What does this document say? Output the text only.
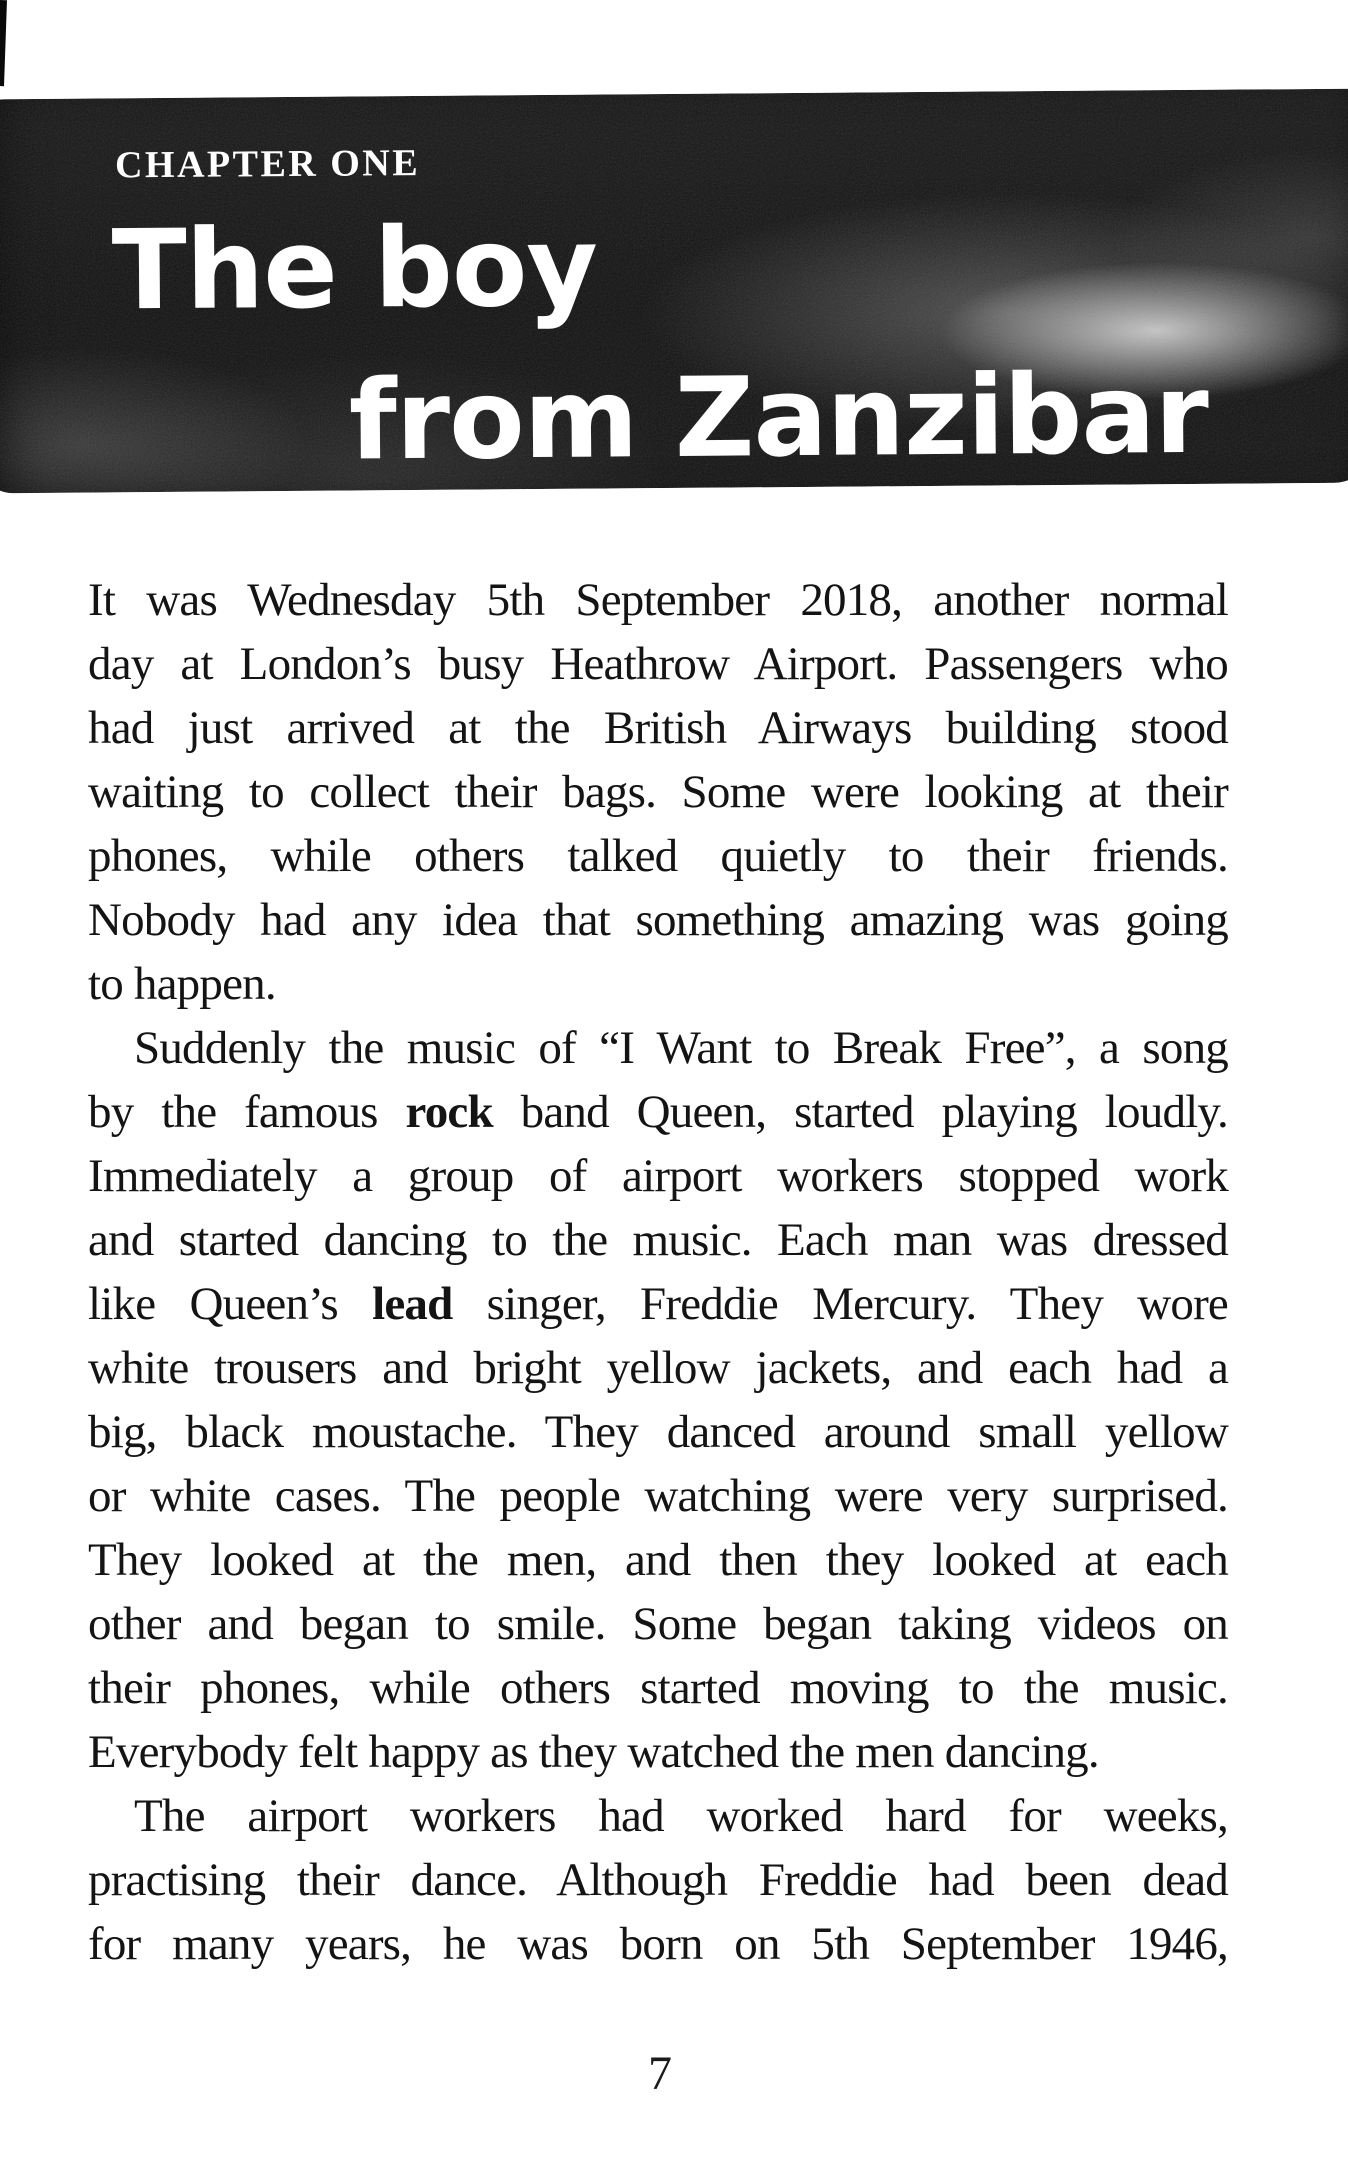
CHAPTER ONE
The boy
from Zanzibar
It was Wednesday 5th September 2018, another normal
day at London’s busy Heathrow Airport. Passengers who
had just arrived at the British Airways building stood
waiting to collect their bags. Some were looking at their
phones, while others talked quietly to their friends.
Nobody had any idea that something amazing was going
to happen.
Suddenly the music of “I Want to Break Free”, a song
by the famous rock band Queen, started playing loudly.
Immediately a group of airport workers stopped work
and started dancing to the music. Each man was dressed
like Queen’s lead singer, Freddie Mercury. They wore
white trousers and bright yellow jackets, and each had a
big, black moustache. They danced around small yellow
or white cases. The people watching were very surprised.
They looked at the men, and then they looked at each
other and began to smile. Some began taking videos on
their phones, while others started moving to the music.
Everybody felt happy as they watched the men dancing.
The airport workers had worked hard for weeks,
practising their dance. Although Freddie had been dead
for many years, he was born on 5th September 1946,
7
